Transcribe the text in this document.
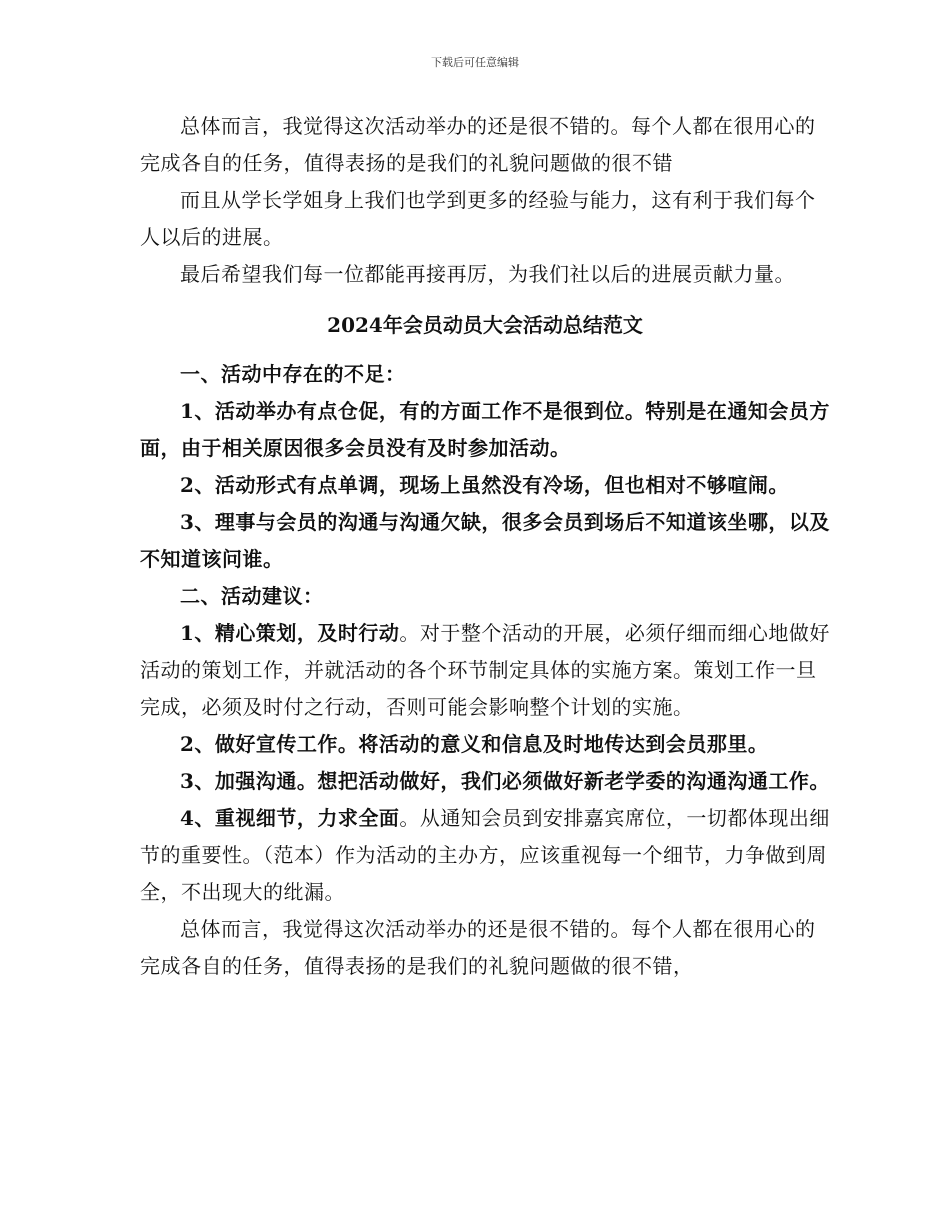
下载后可任意编辑

总体而言，我觉得这次活动举办的还是很不错的。每个人都在很用心的完成各自的任务，值得表扬的是我们的礼貌问题做的很不错

而且从学长学姐身上我们也学到更多的经验与能力，这有利于我们每个人以后的进展。

最后希望我们每一位都能再接再厉，为我们社以后的进展贡献力量。

2024年会员动员大会活动总结范文

一、活动中存在的不足：

1、活动举办有点仓促，有的方面工作不是很到位。特别是在通知会员方面，由于相关原因很多会员没有及时参加活动。

2、活动形式有点单调，现场上虽然没有冷场，但也相对不够喧闹。

3、理事与会员的沟通与沟通欠缺，很多会员到场后不知道该坐哪，以及不知道该问谁。

二、活动建议：

1、精心策划，及时行动。对于整个活动的开展，必须仔细而细心地做好活动的策划工作，并就活动的各个环节制定具体的实施方案。策划工作一旦完成，必须及时付之行动，否则可能会影响整个计划的实施。

2、做好宣传工作。将活动的意义和信息及时地传达到会员那里。

3、加强沟通。想把活动做好，我们必须做好新老学委的沟通沟通工作。

4、重视细节，力求全面。从通知会员到安排嘉宾席位，一切都体现出细节的重要性。（范本）作为活动的主办方，应该重视每一个细节，力争做到周全，不出现大的纰漏。

总体而言，我觉得这次活动举办的还是很不错的。每个人都在很用心的完成各自的任务，值得表扬的是我们的礼貌问题做的很不错，
